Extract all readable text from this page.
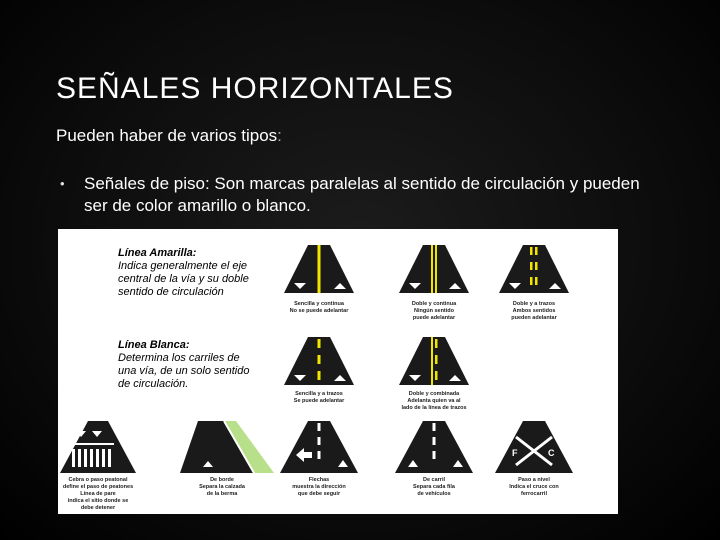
SEÑALES HORIZONTALES
Pueden haber de varios tipos:
•	Señales de piso: Son marcas paralelas al sentido de circulación y pueden ser de color amarillo o blanco.
Línea Amarilla:
Indica generalmente el eje
central de la vía y su doble
sentido de circulación
Línea Blanca:
Determina los carriles de
una vía, de un solo sentido
de circulación.
F	C
Sencilla y continua
No se puede adelantar
Doble y continua
Ningún sentido
puede adelantar
Doble y a trazos
Ambos sentidos
pueden adelantar
Sencilla y a trazos
Se puede adelantar
Doble y combinada
Adelanta quien va al
lado de la línea de trazos
Cebra o paso peatonal
define el paso de peatones
Línea de pare
indica el sitio donde se
debe detener
De borde
Separa la calzada
de la berma
Flechas
muestra la dirección
que debe seguir
De carril
Separa cada fila
de vehículos
Paso a nivel
Indica el cruce con
ferrocarril
